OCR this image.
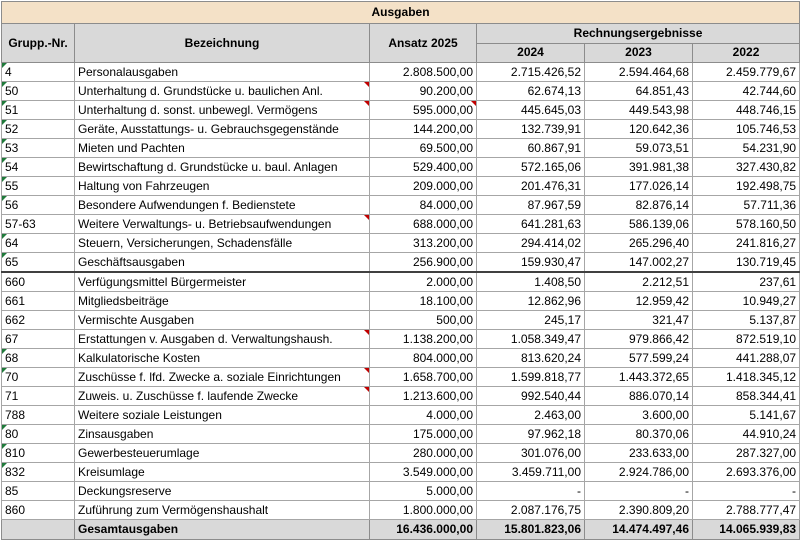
Ausgaben					
Grupp.-Nr.	Bezeichnung	Ansatz 2025	Rechnungsergebnisse		
			2024	2023	2022
4	Personalausgaben	2.808.500,00	2.715.426,52	2.594.464,68	2.459.779,67
50	Unterhaltung d. Grundstücke u. baulichen Anl.	90.200,00	62.674,13	64.851,43	42.744,60
51	Unterhaltung d. sonst. unbewegl. Vermögens	595.000,00	445.645,03	449.543,98	448.746,15
52	Geräte, Ausstattungs- u. Gebrauchsgegenstände	144.200,00	132.739,91	120.642,36	105.746,53
53	Mieten und Pachten	69.500,00	60.867,91	59.073,51	54.231,90
54	Bewirtschaftung d. Grundstücke u. baul. Anlagen	529.400,00	572.165,06	391.981,38	327.430,82
55	Haltung von Fahrzeugen	209.000,00	201.476,31	177.026,14	192.498,75
56	Besondere Aufwendungen f. Bedienstete	84.000,00	87.967,59	82.876,14	57.711,36
57-63	Weitere Verwaltungs- u. Betriebsaufwendungen	688.000,00	641.281,63	586.139,06	578.160,50
64	Steuern, Versicherungen, Schadensfälle	313.200,00	294.414,02	265.296,40	241.816,27
65	Geschäftsausgaben	256.900,00	159.930,47	147.002,27	130.719,45
660	Verfügungsmittel Bürgermeister	2.000,00	1.408,50	2.212,51	237,61
661	Mitgliedsbeiträge	18.100,00	12.862,96	12.959,42	10.949,27
662	Vermischte Ausgaben	500,00	245,17	321,47	5.137,87
67	Erstattungen v. Ausgaben d. Verwaltungshaush.	1.138.200,00	1.058.349,47	979.866,42	872.519,10
68	Kalkulatorische Kosten	804.000,00	813.620,24	577.599,24	441.288,07
70	Zuschüsse f. lfd. Zwecke a. soziale Einrichtungen	1.658.700,00	1.599.818,77	1.443.372,65	1.418.345,12
71	Zuweis. u. Zuschüsse f. laufende Zwecke	1.213.600,00	992.540,44	886.070,14	858.344,41
788	Weitere soziale Leistungen	4.000,00	2.463,00	3.600,00	5.141,67
80	Zinsausgaben	175.000,00	97.962,18	80.370,06	44.910,24
810	Gewerbesteuerumlage	280.000,00	301.076,00	233.633,00	287.327,00
832	Kreisumlage	3.549.000,00	3.459.711,00	2.924.786,00	2.693.376,00
85	Deckungsreserve	5.000,00	-	-	-
860	Zuführung zum Vermögenshaushalt	1.800.000,00	2.087.176,75	2.390.809,20	2.788.777,47
	Gesamtausgaben	16.436.000,00	15.801.823,06	14.474.497,46	14.065.939,83
